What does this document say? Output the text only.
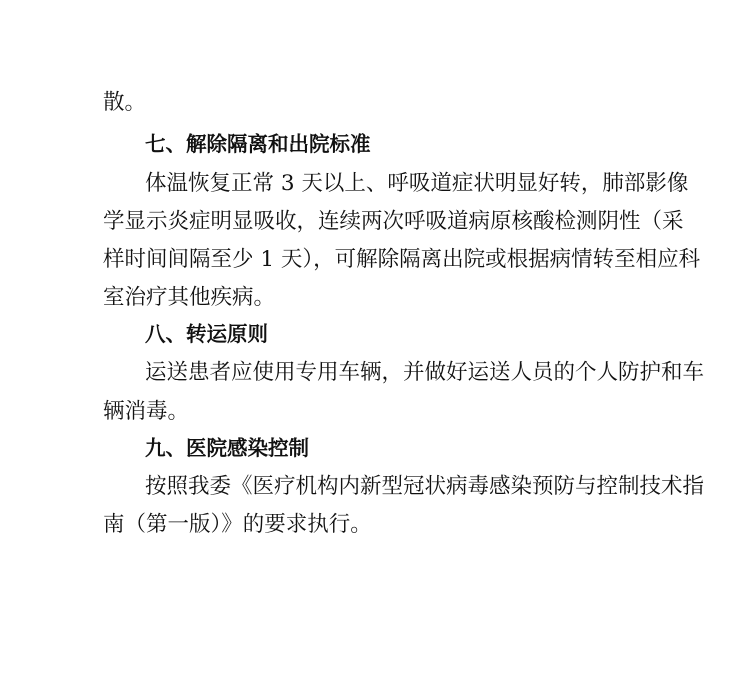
散。
七、解除隔离和出院标准
体温恢复正常 3 天以上、呼吸道症状明显好转，肺部影像
学显示炎症明显吸收，连续两次呼吸道病原核酸检测阴性（采
样时间间隔至少 1 天），可解除隔离出院或根据病情转至相应科
室治疗其他疾病。
八、转运原则
运送患者应使用专用车辆，并做好运送人员的个人防护和车
辆消毒。
九、医院感染控制
按照我委《医疗机构内新型冠状病毒感染预防与控制技术指
南（第一版）》的要求执行。
